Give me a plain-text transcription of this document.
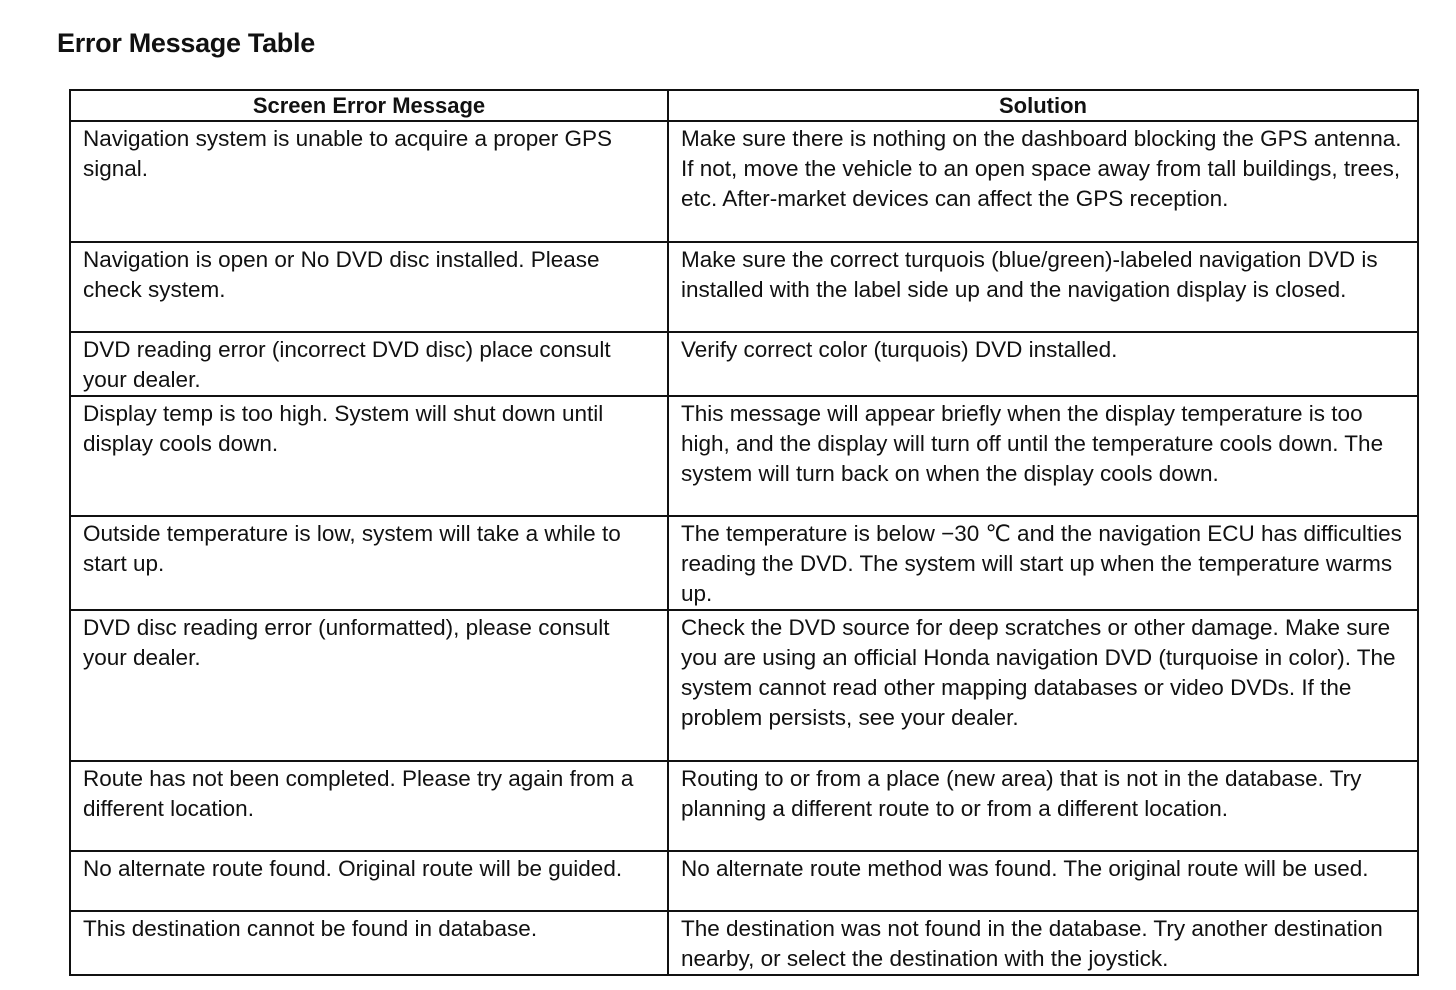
Error Message Table
Screen Error Message	Solution
Navigation system is unable to acquire a proper GPS signal.	Make sure there is nothing on the dashboard blocking the GPS antenna. If not, move the vehicle to an open space away from tall buildings, trees, etc. After-market devices can affect the GPS reception.
Navigation is open or No DVD disc installed. Please check system.	Make sure the correct turquois (blue/green)-labeled navigation DVD is installed with the label side up and the navigation display is closed.
DVD reading error (incorrect DVD disc) place consult your dealer.	Verify correct color (turquois) DVD installed.
Display temp is too high. System will shut down until display cools down.	This message will appear briefly when the display temperature is too high, and the display will turn off until the temperature cools down. The system will turn back on when the display cools down.
Outside temperature is low, system will take a while to start up.	The temperature is below −30 ℃ and the navigation ECU has difficulties reading the DVD. The system will start up when the temperature warms up.
DVD disc reading error (unformatted), please consult your dealer.	Check the DVD source for deep scratches or other damage. Make sure you are using an official Honda navigation DVD (turquoise in color). The system cannot read other mapping databases or video DVDs. If the problem persists, see your dealer.
Route has not been completed. Please try again from a different location.	Routing to or from a place (new area) that is not in the database. Try planning a different route to or from a different location.
No alternate route found. Original route will be guided.	No alternate route method was found. The original route will be used.
This destination cannot be found in database.	The destination was not found in the database. Try another destination nearby, or select the destination with the joystick.
